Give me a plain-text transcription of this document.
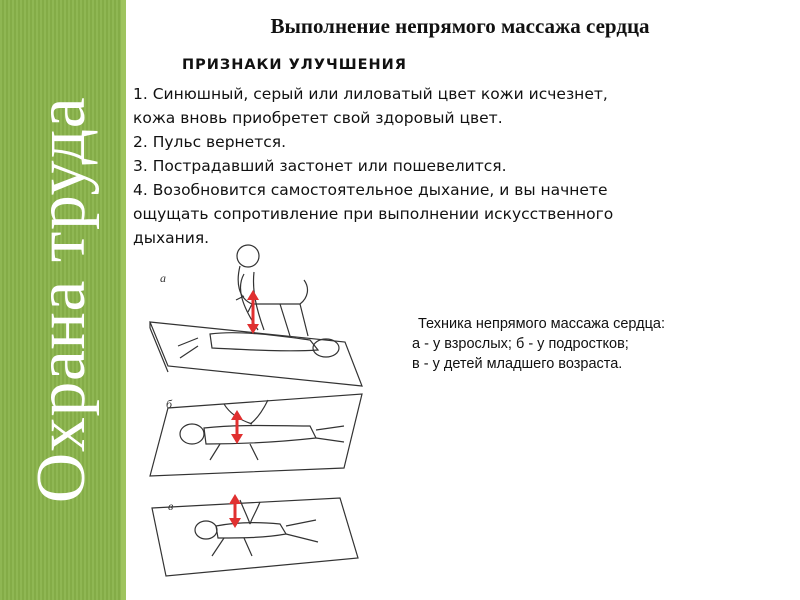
Охрана труда
Выполнение непрямого массажа сердца
ПРИЗНАКИ УЛУЧШЕНИЯ
1. Синюшный, серый или лиловатый цвет кожи исчезнет,
кожа вновь приобретет свой здоровый цвет.
2. Пульс вернется.
3. Пострадавший застонет или пошевелится.
4. Возобновится самостоятельное дыхание, и вы начнете
ощущать сопротивление при выполнении искусственного
дыхания.
а
б
в
Техника непрямого массажа сердца:
а - у взрослых; б - у подростков;
в - у детей младшего возраста.
